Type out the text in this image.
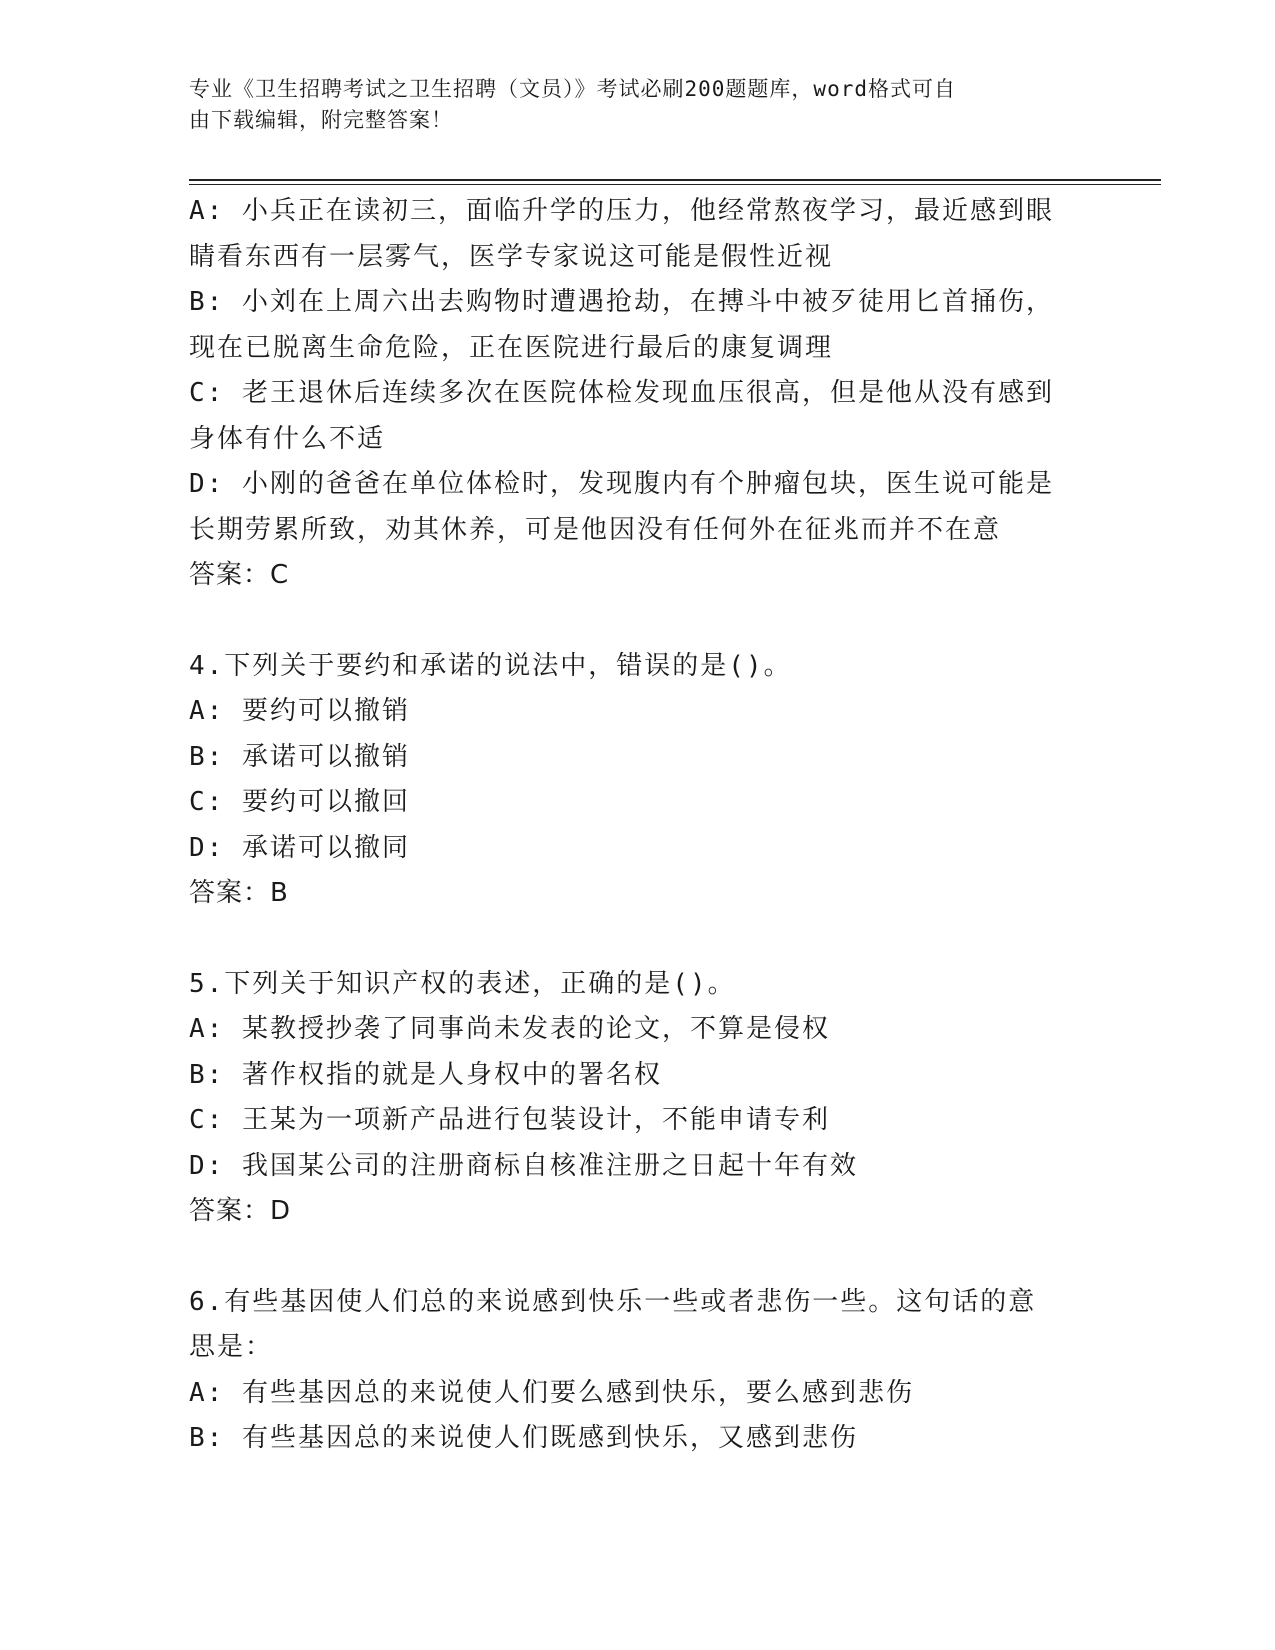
专业《卫生招聘考试之卫生招聘（文员）》考试必刷200题题库，word格式可自
由下载编辑，附完整答案！
A: 小兵正在读初三，面临升学的压力，他经常熬夜学习，最近感到眼
睛看东西有一层雾气，医学专家说这可能是假性近视
B: 小刘在上周六出去购物时遭遇抢劫，在搏斗中被歹徒用匕首捅伤，
现在已脱离生命危险，正在医院进行最后的康复调理
C: 老王退休后连续多次在医院体检发现血压很高，但是他从没有感到
身体有什么不适
D: 小刚的爸爸在单位体检时，发现腹内有个肿瘤包块，医生说可能是
长期劳累所致，劝其休养，可是他因没有任何外在征兆而并不在意
答案：C
4.下列关于要约和承诺的说法中，错误的是()。
A: 要约可以撤销
B: 承诺可以撤销
C: 要约可以撤回
D: 承诺可以撤同
答案：B
5.下列关于知识产权的表述，正确的是()。
A: 某教授抄袭了同事尚未发表的论文，不算是侵权
B: 著作权指的就是人身权中的署名权
C: 王某为一项新产品进行包装设计，不能申请专利
D: 我国某公司的注册商标自核准注册之日起十年有效
答案：D
6.有些基因使人们总的来说感到快乐一些或者悲伤一些。这句话的意
思是：
A: 有些基因总的来说使人们要么感到快乐，要么感到悲伤
B: 有些基因总的来说使人们既感到快乐，又感到悲伤
